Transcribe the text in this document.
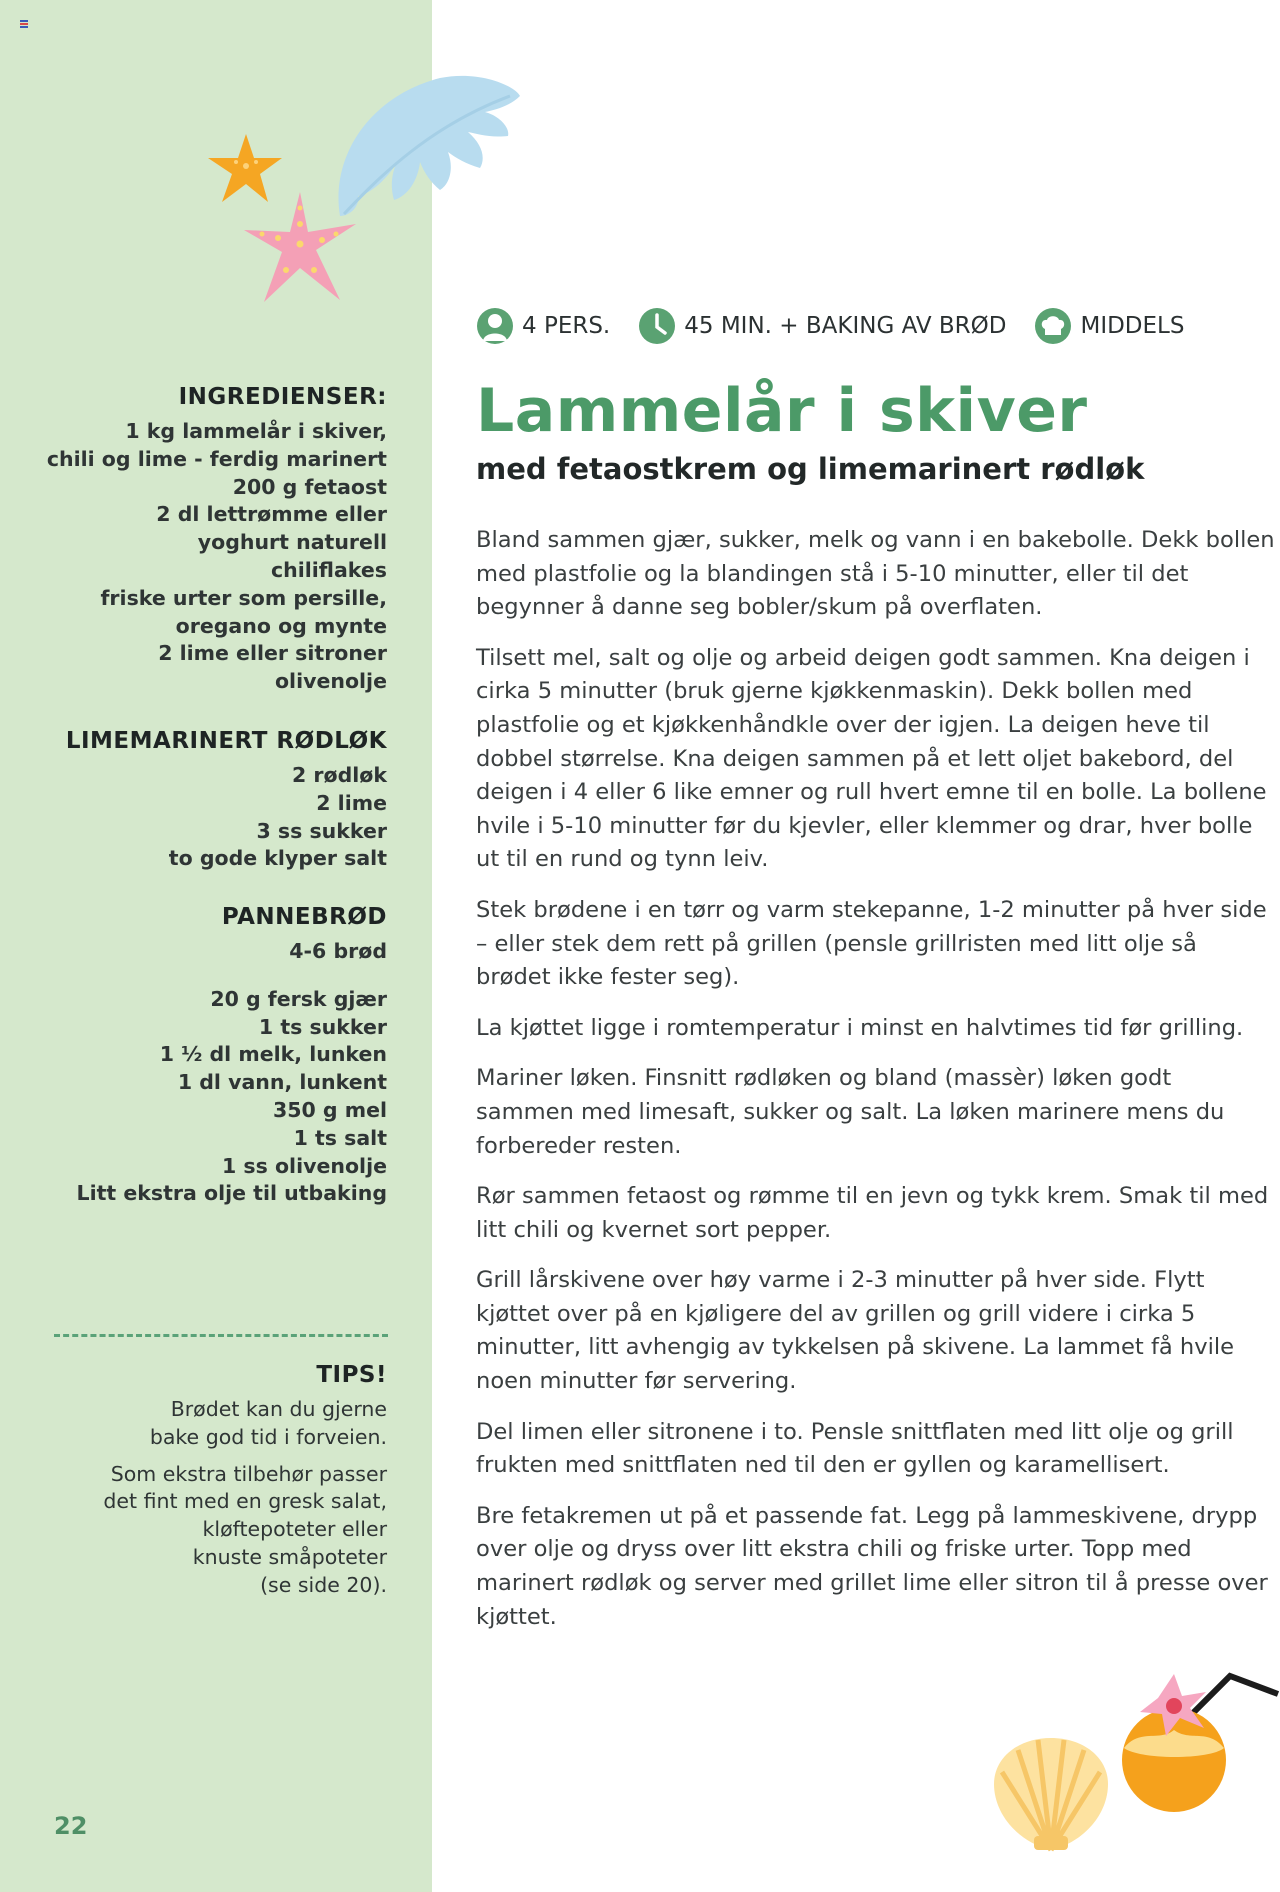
INGREDIENSER:
1 kg lammelår i skiver,
chili og lime - ferdig marinert
200 g fetaost
2 dl lettrømme eller
yoghurt naturell
chiliflakes
friske urter som persille,
oregano og mynte
2 lime eller sitroner
olivenolje
LIMEMARINERT RØDLØK
2 rødløk
2 lime
3 ss sukker
to gode klyper salt
PANNEBRØD
4-6 brød
20 g fersk gjær
1 ts sukker
1 ½ dl melk, lunken
1 dl vann, lunkent
350 g mel
1 ts salt
1 ss olivenolje
Litt ekstra olje til utbaking
TIPS!
Brødet kan du gjerne
bake god tid i forveien.
Som ekstra tilbehør passer
det fint med en gresk salat,
kløftepoteter eller
knuste småpoteter
(se side 20).
22
4 PERS.	45 MIN. + BAKING AV BRØD	MIDDELS
Lammelår i skiver
med fetaostkrem og limemarinert rødløk

Bland sammen gjær, sukker, melk og vann i en bakebolle. Dekk bollen med plastfolie og la blandingen stå i 5-10 minutter, eller til det begynner å danne seg bobler/skum på overflaten.

Tilsett mel, salt og olje og arbeid deigen godt sammen. Kna deigen i cirka 5 minutter (bruk gjerne kjøkkenmaskin). Dekk bollen med plastfolie og et kjøkkenhåndkle over der igjen. La deigen heve til dobbel størrelse. Kna deigen sammen på et lett oljet bakebord, del deigen i 4 eller 6 like emner og rull hvert emne til en bolle. La bollene hvile i 5-10 minutter før du kjevler, eller klemmer og drar, hver bolle ut til en rund og tynn leiv.

Stek brødene i en tørr og varm stekepanne, 1-2 minutter på hver side – eller stek dem rett på grillen (pensle grillristen med litt olje så brødet ikke fester seg).

La kjøttet ligge i romtemperatur i minst en halvtimes tid før grilling.

Mariner løken. Finsnitt rødløken og bland (massèr) løken godt sammen med limesaft, sukker og salt. La løken marinere mens du forbereder resten.

Rør sammen fetaost og rømme til en jevn og tykk krem. Smak til med litt chili og kvernet sort pepper.

Grill lårskivene over høy varme i 2-3 minutter på hver side. Flytt kjøttet over på en kjøligere del av grillen og grill videre i cirka 5 minutter, litt avhengig av tykkelsen på skivene. La lammet få hvile noen minutter før servering.

Del limen eller sitronene i to. Pensle snittflaten med litt olje og grill frukten med snittflaten ned til den er gyllen og karamellisert.

Bre fetakremen ut på et passende fat. Legg på lammeskivene, drypp over olje og dryss over litt ekstra chili og friske urter. Topp med marinert rødløk og server med grillet lime eller sitron til å presse over kjøttet.
